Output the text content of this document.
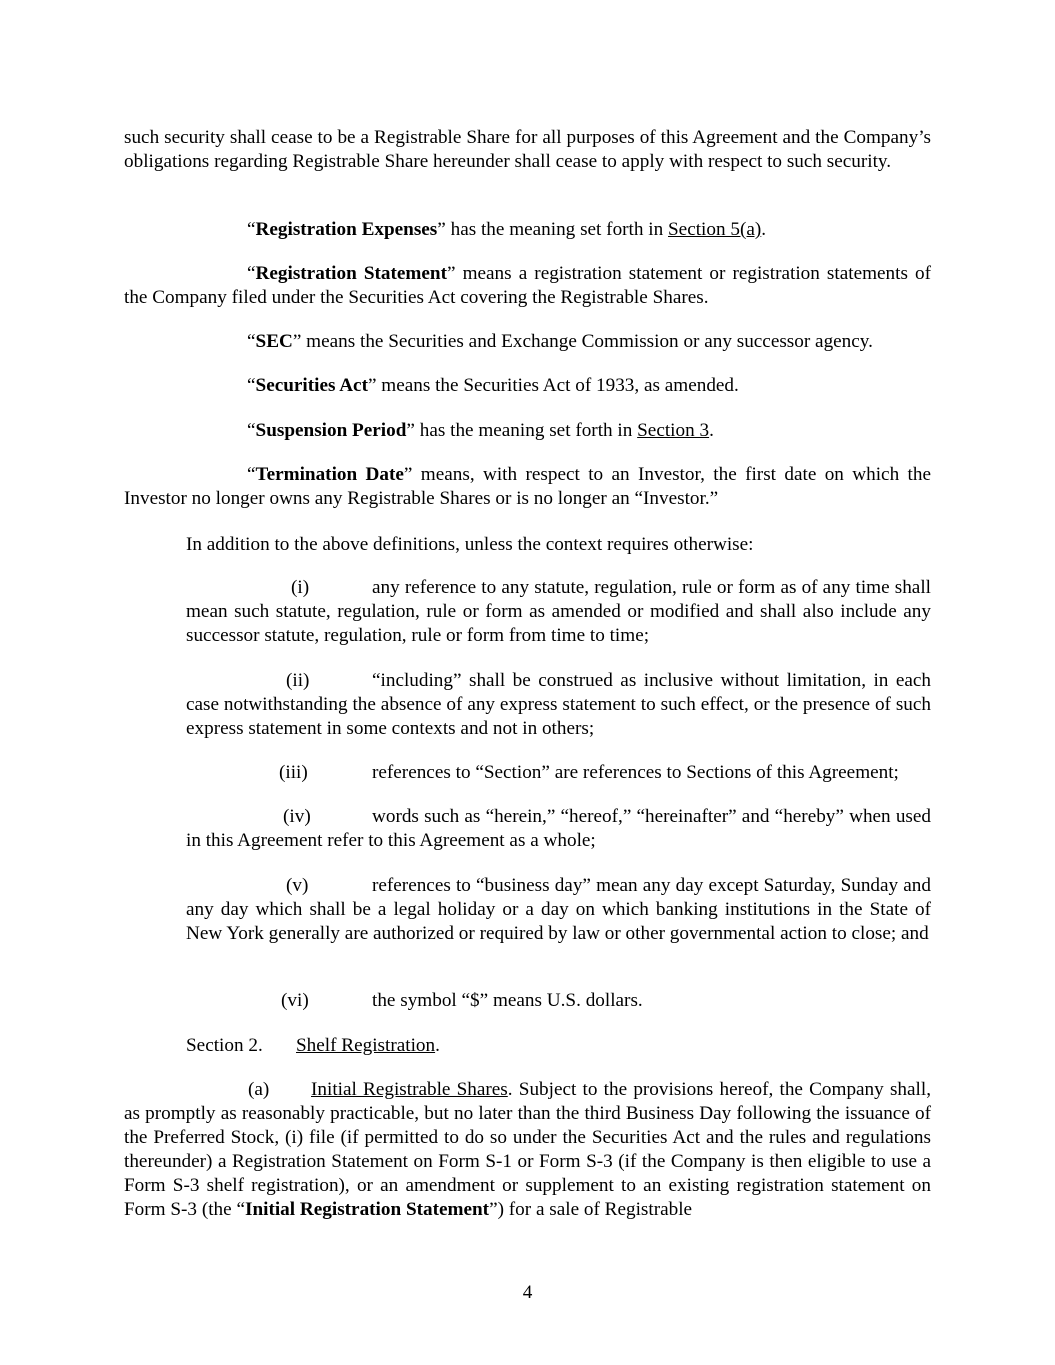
such security shall cease to be a Registrable Share for all purposes of this Agreement and the Company’s obligations regarding Registrable Share hereunder shall cease to apply with respect to such security.

“Registration Expenses” has the meaning set forth in Section 5(a).

“Registration Statement” means a registration statement or registration statements of the Company filed under the Securities Act covering the Registrable Shares.

“SEC” means the Securities and Exchange Commission or any successor agency.

“Securities Act” means the Securities Act of 1933, as amended.

“Suspension Period” has the meaning set forth in Section 3.

“Termination Date” means, with respect to an Investor, the first date on which the Investor no longer owns any Registrable Shares or is no longer an “Investor.”

In addition to the above definitions, unless the context requires otherwise:

(i)	any reference to any statute, regulation, rule or form as of any time shall mean such statute, regulation, rule or form as amended or modified and shall also include any successor statute, regulation, rule or form from time to time;

(ii)	“including” shall be construed as inclusive without limitation, in each case notwithstanding the absence of any express statement to such effect, or the presence of such express statement in some contexts and not in others;

(iii)	references to “Section” are references to Sections of this Agreement;

(iv)	words such as “herein,” “hereof,” “hereinafter” and “hereby” when used in this Agreement refer to this Agreement as a whole;

(v)	references to “business day” mean any day except Saturday, Sunday and any day which shall be a legal holiday or a day on which banking institutions in the State of New York generally are authorized or required by law or other governmental action to close; and

(vi)	the symbol “$” means U.S. dollars.

Section 2. Shelf Registration.
(a)	Initial Registrable Shares. Subject to the provisions hereof, the Company shall, as promptly as reasonably practicable, but no later than the third Business Day following the issuance of the Preferred Stock, (i) file (if permitted to do so under the Securities Act and the rules and regulations thereunder) a Registration Statement on Form S-1 or Form S-3 (if the Company is then eligible to use a Form S-3 shelf registration), or an amendment or supplement to an existing registration statement on Form S-3 (the “Initial Registration Statement”) for a sale of Registrable

4
